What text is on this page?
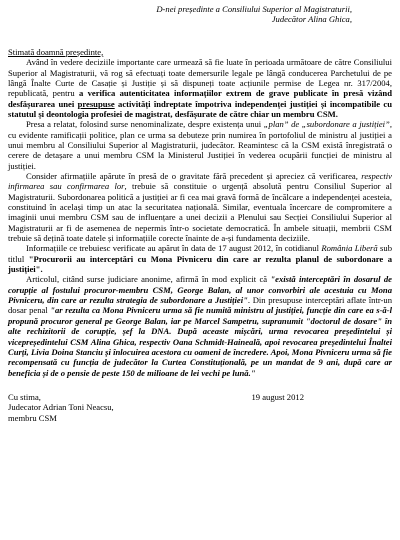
D-nei președinte a Consiliului Superior al Magistraturii,
Judecător Alina Ghica,
Stimată doamnă președinte,

Având în vedere deciziile importante care urmează să fie luate în perioada următoare de către Consiliului Superior al Magistraturii, vă rog să efectuați toate demersurile legale pe lângă conducerea Parchetului de pe lângă Înalte Curte de Casație și Justiție și să dispuneți toate acțiunile permise de Legea nr. 317/2004, republicată, pentru a verifica autenticitatea informațiilor extrem de grave publicate în presă vizând desfășurarea unei presupuse activități îndreptate împotriva independenței justiției și incompatibile cu statutul și deontologia profesiei de magistrat, desfășurate de către chiar un membru CSM.

Presa a relatat, folosind surse nenominalizate, despre existența unui „plan” de „subordonare a justiției”, cu evidente ramificații politice, plan ce urma sa debuteze prin numirea în portofoliul de ministru al justiției a unui membru al Consiliului Superior al Magistraturii, judecător. Reamintesc că la CSM există înregistrată o cerere de detașare a unui membru CSM la Ministerul Justiției în vederea ocupării funcției de ministru al justiției.

Consider afirmațiile apărute în presă de o gravitate fără precedent și apreciez că verificarea, respectiv infirmarea sau confirmarea lor, trebuie să constituie o urgență absolută pentru Consiliul Superior al Magistraturii. Subordonarea politică a justiției ar fi cea mai gravă formă de încălcare a independenței acesteia, constituind în același timp un atac la securitatea națională. Similar, eventuala încercare de compromitere a imaginii unui membru CSM sau de influențare a unei decizii a Plenului sau Secției Consiliului Superior al Magistraturii ar fi de asemenea de nepermis într-o societate democratică. În ambele situații, membrii CSM trebuie să dețină toate datele și informațiile corecte înainte de a-și fundamenta deciziile.

Informațiile ce trebuiesc verificate au apărut în data de 17 august 2012, în cotidianul România Liberă sub titlul "Procurorii au interceptări cu Mona Pivniceru din care ar rezulta planul de subordonare a justiției".

Articolul, citând surse judiciare anonime, afirmă în mod explicit că "există interceptări în dosarul de corupție al fostului procuror-membru CSM, George Balan, al unor convorbiri ale acestuia cu Mona Pivniceru, din care ar rezulta strategia de subordonare a Justiției". Din presupuse interceptări aflate într-un dosar penal "ar rezulta ca Mona Pivniceru urma să fie numită ministru al justiției, funcție din care ea s-ă-l propună procuror general pe George Balan, iar pe Marcel Sampetru, supranumit "doctorul de dosare" în alte rechizitorii de corupție, șef la DNA. După aceaste mișcări, urma revocarea președintelui și vicepreședintelui CSM Alina Ghica, respectiv Oana Schmidt-Haineală, apoi revocarea președintelui Înaltei Curți, Livia Doina Stanciu și înlocuirea acestora cu oameni de încredere. Apoi, Mona Pivniceru urma să fie recompensată cu funcția de judecător la Curtea Constituțională, pe un mandat de 9 ani, după care ar beneficia și de o pensie de peste 150 de milioane de lei vechi pe lună."

Cu stima,
Judecator Adrian Toni Neacsu,
membru CSM
19 august 2012
